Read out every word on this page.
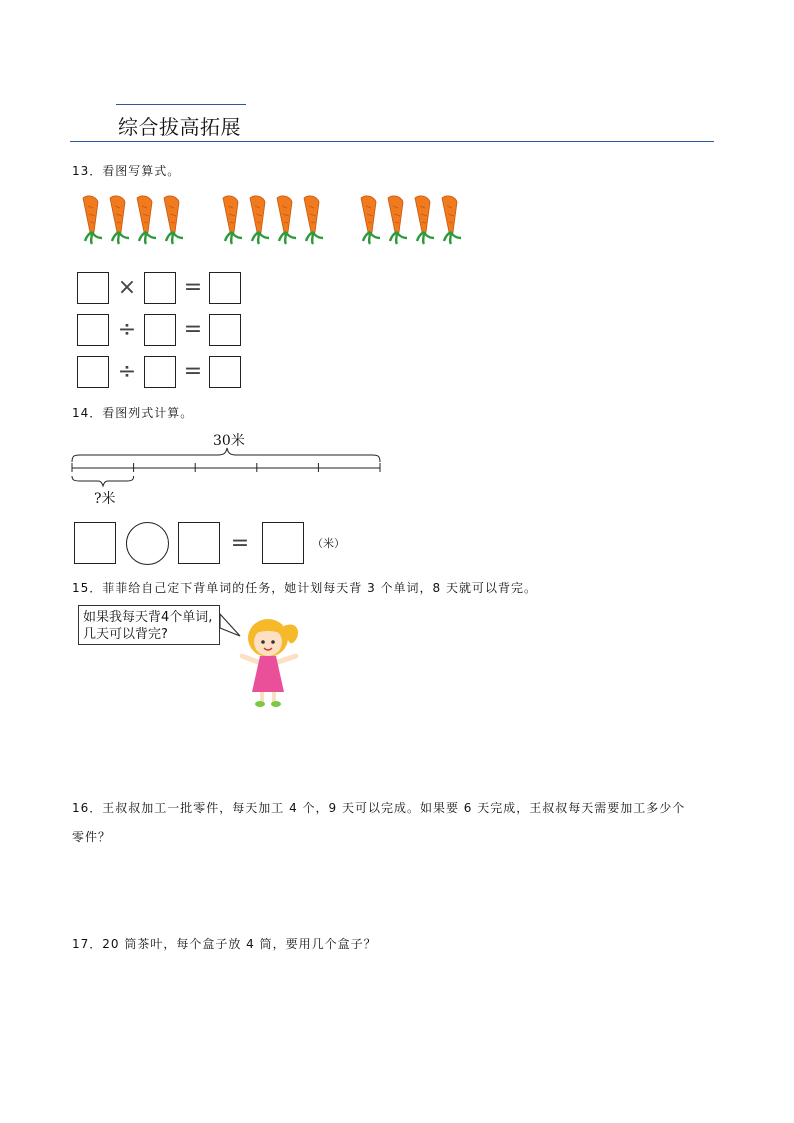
综合拔高拓展
13．看图写算式。
× =
÷ =
÷ =
14．看图列式计算。
30米
?米
=	（米）
15．菲菲给自己定下背单词的任务，她计划每天背 3 个单词，8 天就可以背完。
如果我每天背4个单词,
几天可以背完?
16．王叔叔加工一批零件，每天加工 4 个，9 天可以完成。如果要 6 天完成，王叔叔每天需要加工多少个
零件？
17．20 筒茶叶，每个盒子放 4 筒，要用几个盒子？
